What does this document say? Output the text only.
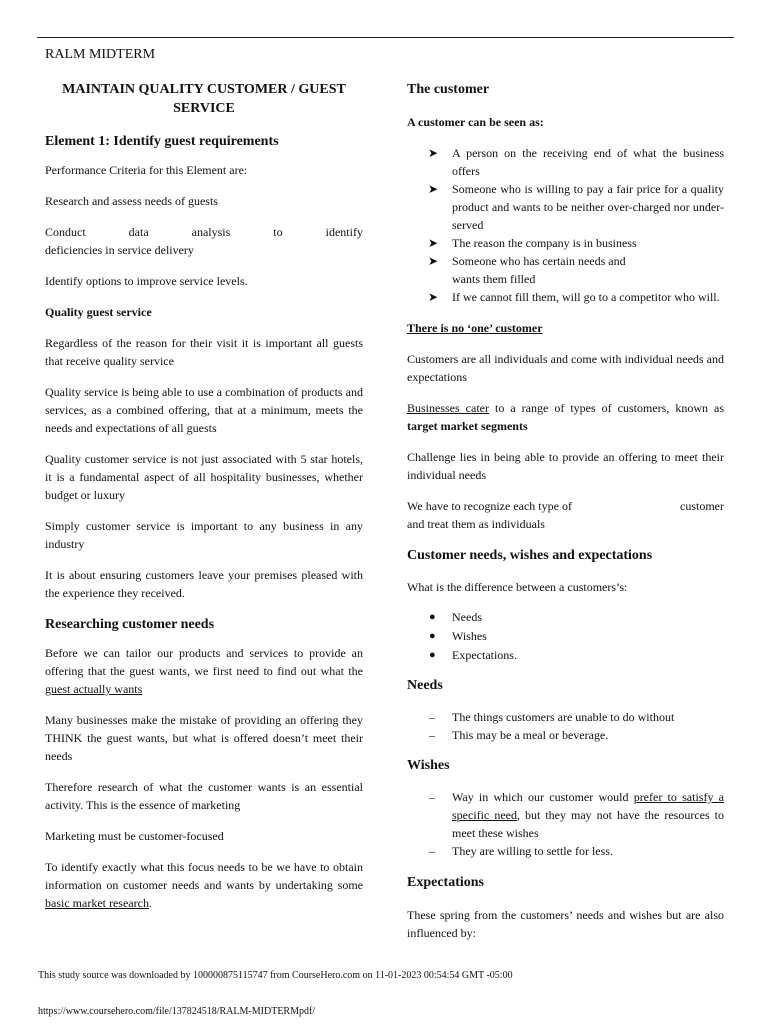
RALM MIDTERM
MAINTAIN QUALITY CUSTOMER / GUEST
SERVICE
Element 1: Identify guest requirements

Performance Criteria for this Element are:

Research and assess needs of guests

Conduct	data	analysis	to	identify
deficiencies in service delivery

Identify options to improve service levels.

Quality guest service

Regardless of the reason for their visit it is important all guests that receive quality service

Quality service is being able to use a combination of products and services, as a combined offering, that at a minimum, meets the needs and expectations of all guests

Quality customer service is not just associated with 5 star hotels, it is a fundamental aspect of all hospitality businesses, whether budget or luxury

Simply customer service is important to any business in any industry

It is about ensuring customers leave your premises pleased with the experience they received.

Researching customer needs

Before we can tailor our products and services to provide an offering that the guest wants, we first need to find out what the guest actually wants

Many businesses make the mistake of providing an offering they THINK the guest wants, but what is offered doesn’t meet their needs

Therefore research of what the customer wants is an essential activity. This is the essence of marketing

Marketing must be customer-focused

To identify exactly what this focus needs to be we have to obtain information on customer needs and wants by undertaking some basic market research.

The customer

A customer can be seen as:

➤ A person on the receiving end of what the business offers
➤ Someone who is willing to pay a fair price for a quality product and wants to be neither over-charged nor under-served
➤ The reason the company is in business
➤ Someone who has certain needs and wants them filled
➤ If we cannot fill them, will go to a competitor who will.

There is no ‘one’ customer

Customers are all individuals and come with individual needs and expectations

Businesses cater to a range of types of customers, known as target market segments

Challenge lies in being able to provide an offering to meet their individual needs

We have to recognize each type of	customer
and treat them as individuals

Customer needs, wishes and expectations

What is the difference between a customers’s:

● Needs
● Wishes
● Expectations.
Needs
– The things customers are unable to do without
– This may be a meal or beverage.
Wishes
– Way in which our customer would prefer to satisfy a specific need, but they may not have the resources to meet these wishes
– They are willing to settle for less.
Expectations

These spring from the customers’ needs and wishes but are also influenced by:

This study source was downloaded by 100000875115747 from CourseHero.com on 11-01-2023 00:54:54 GMT -05:00
https://www.coursehero.com/file/137824518/RALM-MIDTERMpdf/
